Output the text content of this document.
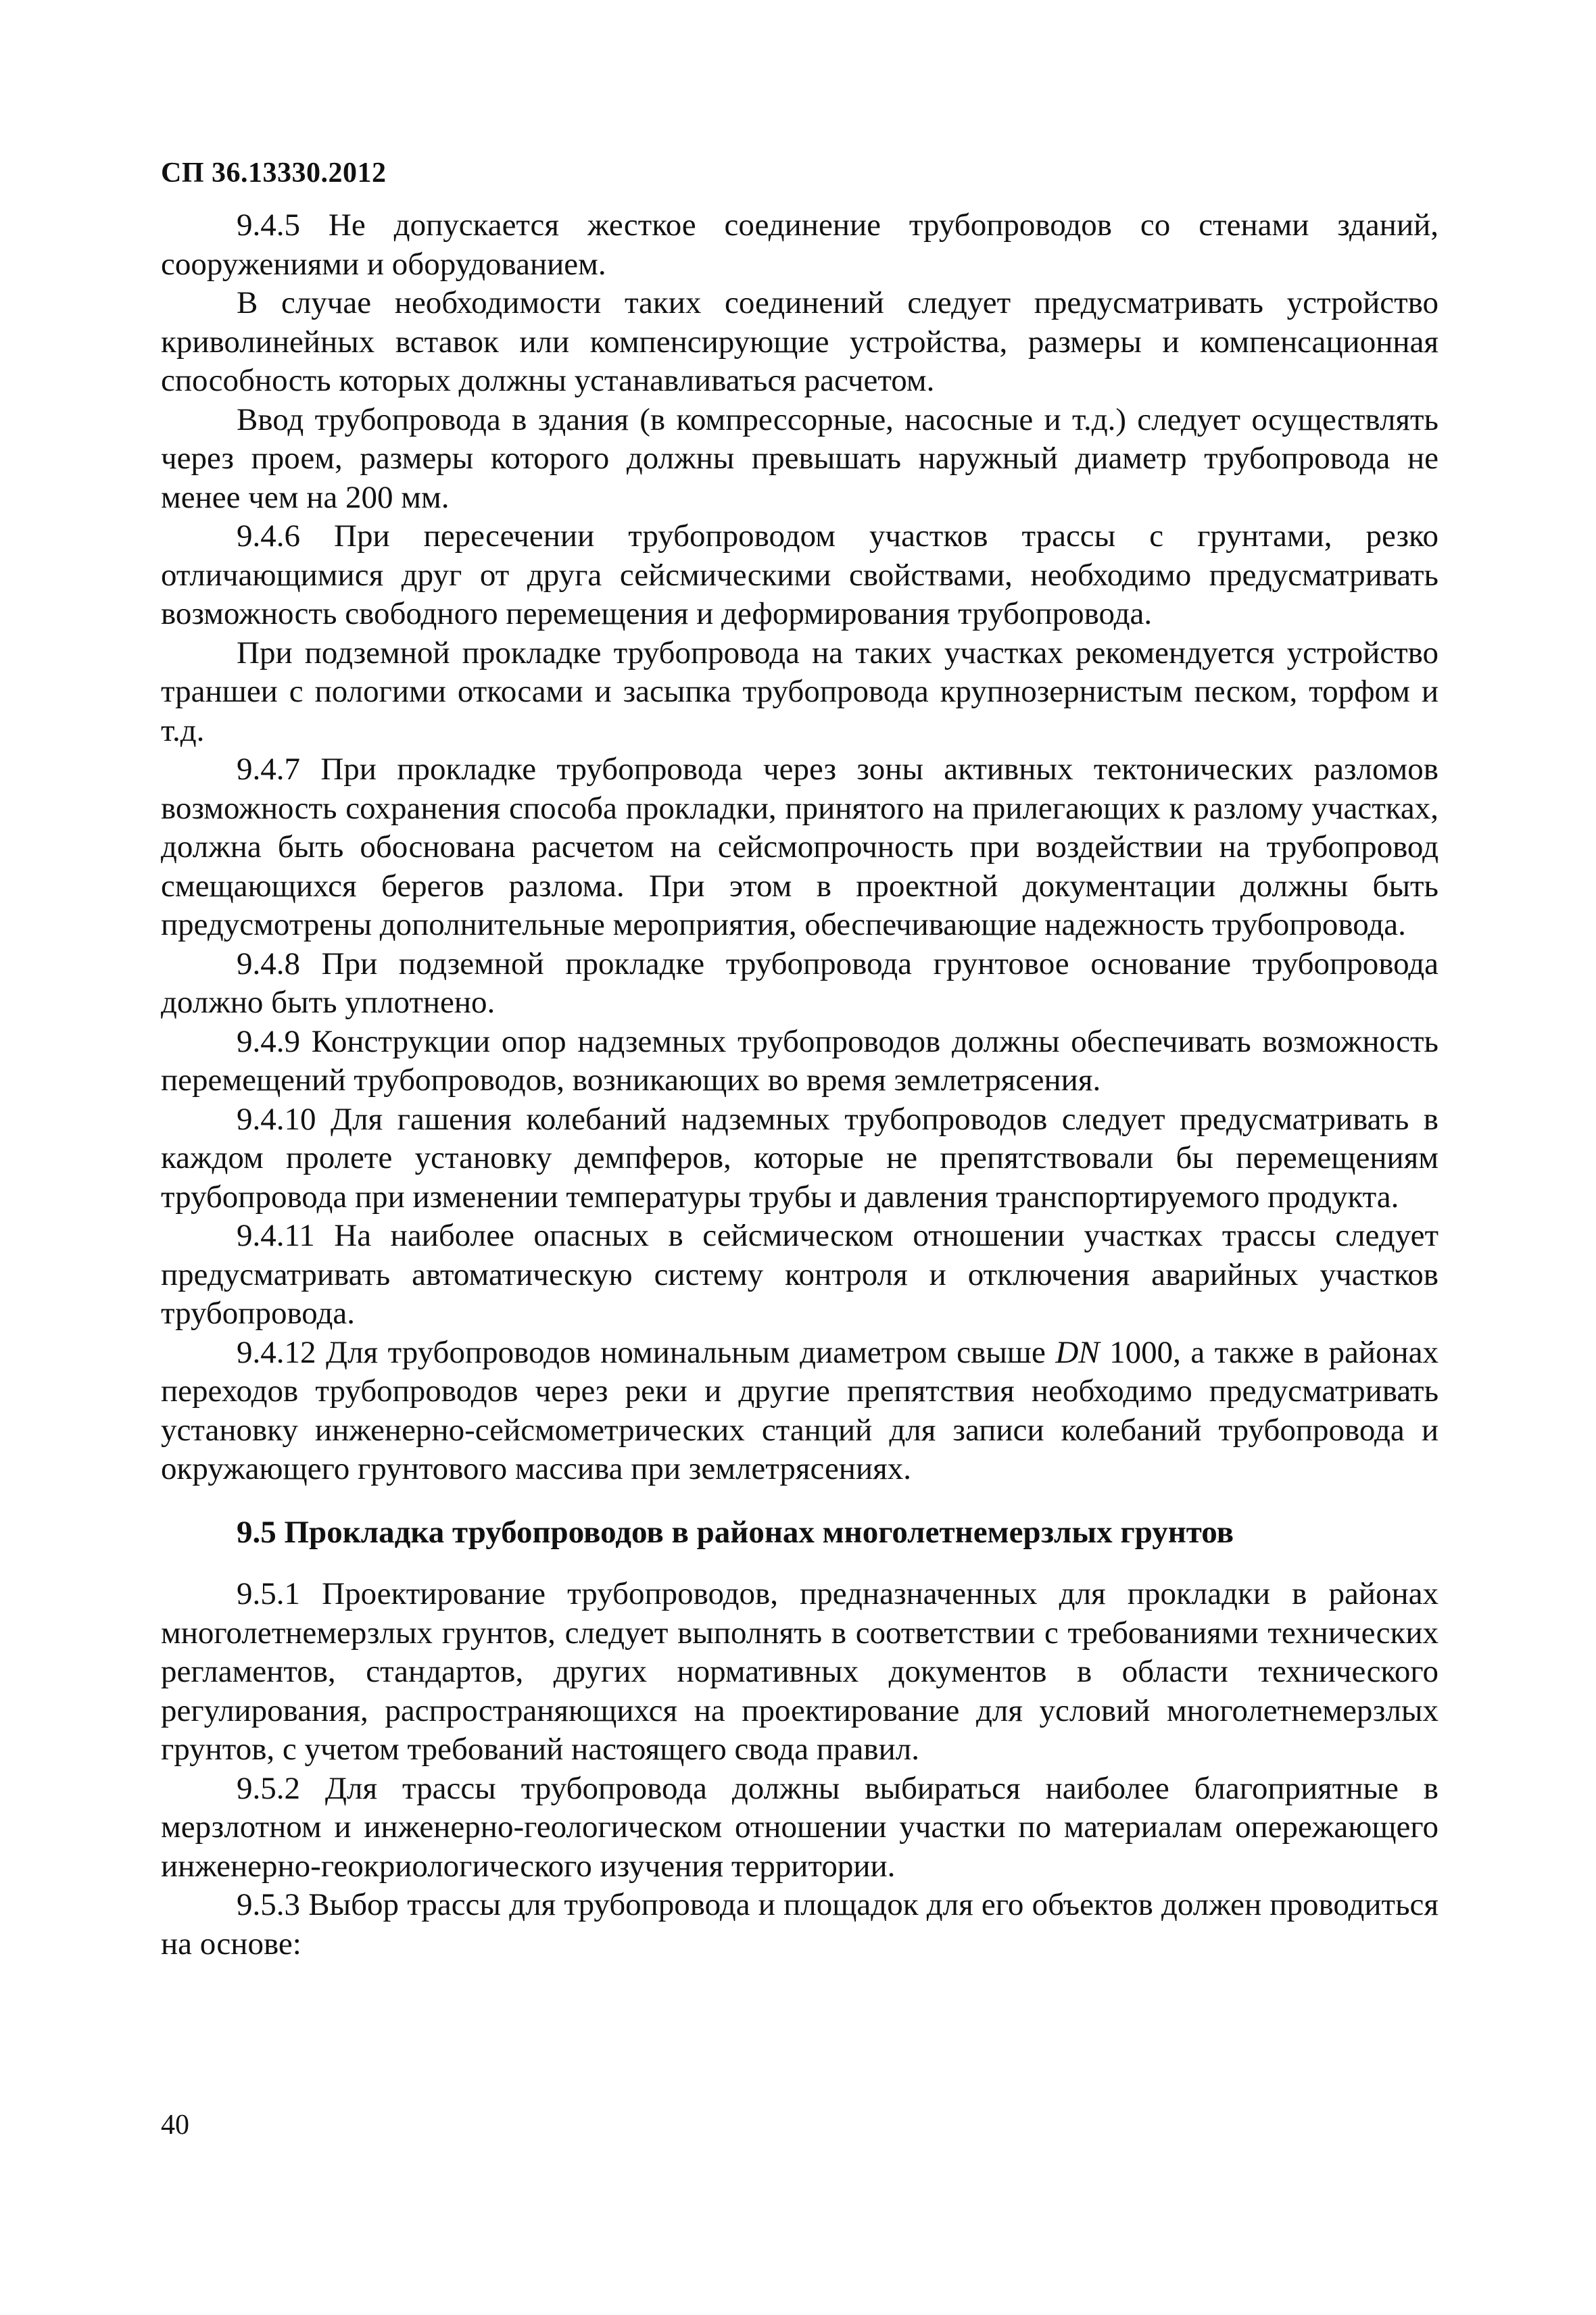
СП 36.13330.2012

9.4.5 Не допускается жесткое соединение трубопроводов со стенами зданий, сооружениями и оборудованием.

В случае необходимости таких соединений следует предусматривать устройство криволинейных вставок или компенсирующие устройства, размеры и компенсационная способность которых должны устанавливаться расчетом.

Ввод трубопровода в здания (в компрессорные, насосные и т.д.) следует осуществлять через проем, размеры которого должны превышать наружный диаметр трубопровода не менее чем на 200 мм.

9.4.6 При пересечении трубопроводом участков трассы с грунтами, резко отличающимися друг от друга сейсмическими свойствами, необходимо предусматривать возможность свободного перемещения и деформирования трубопровода.

При подземной прокладке трубопровода на таких участках рекомендуется устройство траншеи с пологими откосами и засыпка трубопровода крупнозернистым песком, торфом и т.д.

9.4.7 При прокладке трубопровода через зоны активных тектонических разломов возможность сохранения способа прокладки, принятого на прилегающих к разлому участках, должна быть обоснована расчетом на сейсмопрочность при воздействии на трубопровод смещающихся берегов разлома. При этом в проектной документации должны быть предусмотрены дополнительные мероприятия, обеспечивающие надежность трубопровода.

9.4.8 При подземной прокладке трубопровода грунтовое основание трубопровода должно быть уплотнено.

9.4.9 Конструкции опор надземных трубопроводов должны обеспечивать возможность перемещений трубопроводов, возникающих во время землетрясения.

9.4.10 Для гашения колебаний надземных трубопроводов следует предусматривать в каждом пролете установку демпферов, которые не препятствовали бы перемещениям трубопровода при изменении температуры трубы и давления транспортируемого продукта.

9.4.11 На наиболее опасных в сейсмическом отношении участках трассы следует предусматривать автоматическую систему контроля и отключения аварийных участков трубопровода.

9.4.12 Для трубопроводов номинальным диаметром свыше DN 1000, а также в районах переходов трубопроводов через реки и другие препятствия необходимо предусматривать установку инженерно-сейсмометрических станций для записи колебаний трубопровода и окружающего грунтового массива при землетрясениях.

9.5 Прокладка трубопроводов в районах многолетнемерзлых грунтов

9.5.1 Проектирование трубопроводов, предназначенных для прокладки в районах многолетнемерзлых грунтов, следует выполнять в соответствии с требованиями технических регламентов, стандартов, других нормативных документов в области технического регулирования, распространяющихся на проектирование для условий многолетнемерзлых грунтов, с учетом требований настоящего свода правил.

9.5.2 Для трассы трубопровода должны выбираться наиболее благоприятные в мерзлотном и инженерно-геологическом отношении участки по материалам опережающего инженерно-геокриологического изучения территории.

9.5.3 Выбор трассы для трубопровода и площадок для его объектов должен проводиться на основе:

40
